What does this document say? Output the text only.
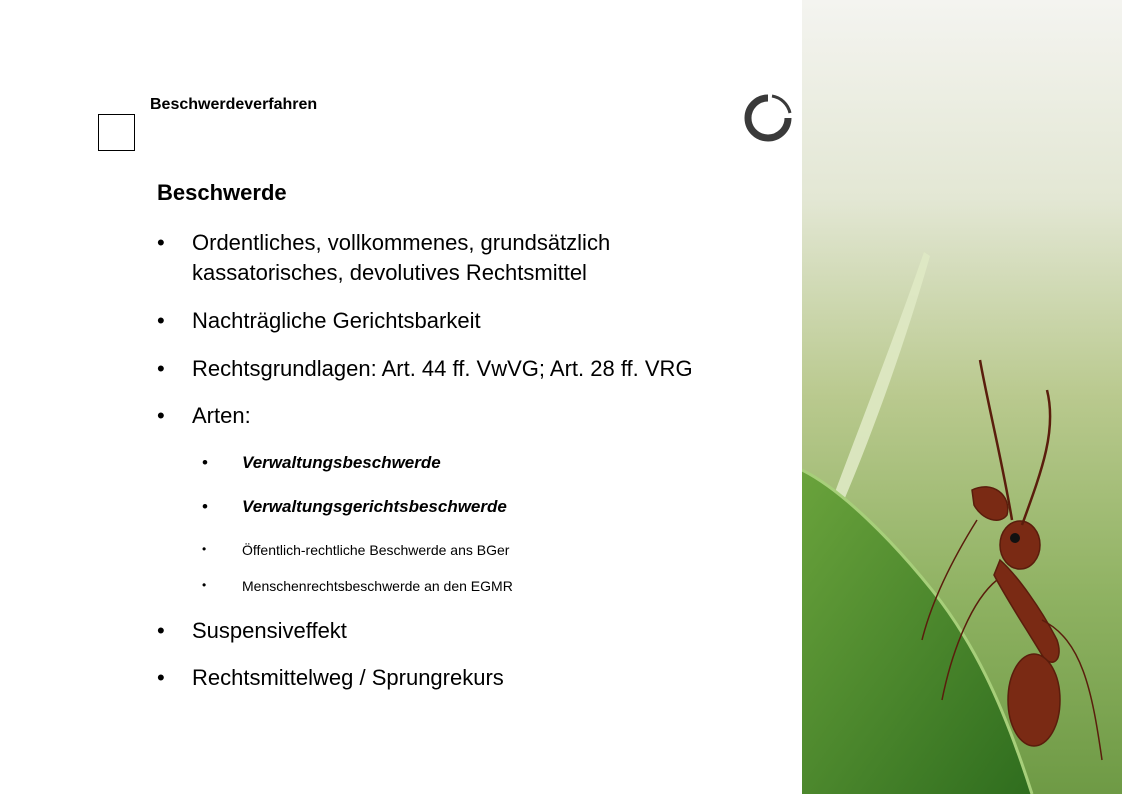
Beschwerdeverfahren
Beschwerde
• Ordentliches, vollkommenes, grundsätzlich
kassatorisches, devolutives Rechtsmittel
• Nachträgliche Gerichtsbarkeit
• Rechtsgrundlagen: Art. 44 ff. VwVG; Art. 28 ff. VRG
• Arten:
• Verwaltungsbeschwerde
• Verwaltungsgerichtsbeschwerde
•	Öffentlich-rechtliche Beschwerde ans BGer
•	Menschenrechtsbeschwerde an den EGMR
• Suspensiveffekt
• Rechtsmittelweg / Sprungrekurs
